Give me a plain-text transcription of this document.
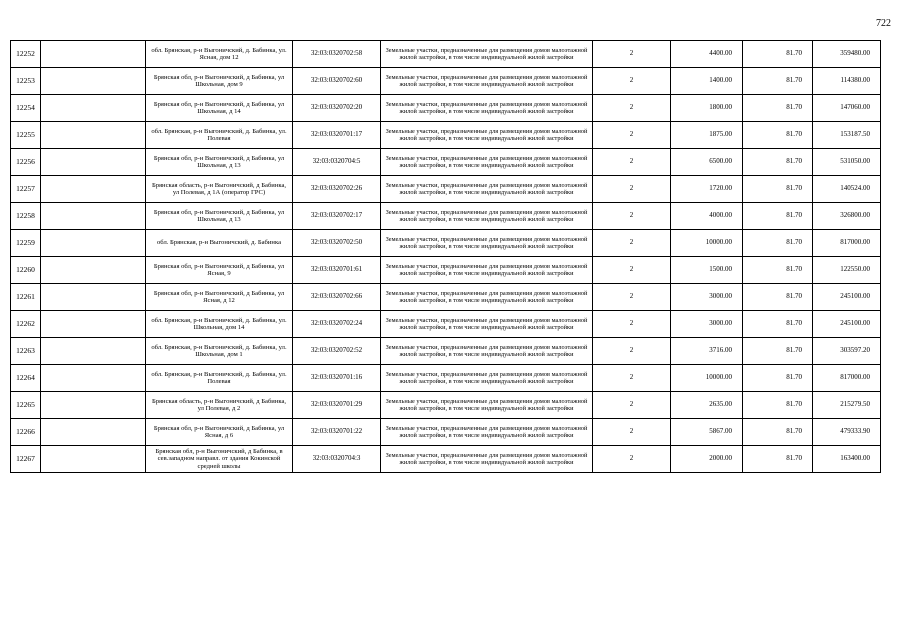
722
12252		обл. Брянская, р-н Выгоничский, д. Бабинка, ул. Ясная, дом 12	32:03:0320702:58	Земельные участки, предназначенные для размещения домов малоэтажной жилой застройки, в том числе индивидуальной жилой застройки	2	4400.00	81.70	359480.00
12253		Брянская обл, р-н Выгоничский, д Бабинка, ул Школьная, дом 9	32:03:0320702:60	Земельные участки, предназначенные для размещения домов малоэтажной жилой застройки, в том числе индивидуальной жилой застройки	2	1400.00	81.70	114380.00
12254		Брянская обл, р-н Выгоничский, д Бабинка, ул Школьная, д 14	32:03:0320702:20	Земельные участки, предназначенные для размещения домов малоэтажной жилой застройки, в том числе индивидуальной жилой застройки	2	1800.00	81.70	147060.00
12255		обл. Брянская, р-н Выгоничский, д. Бабинка, ул. Полевая	32:03:0320701:17	Земельные участки, предназначенные для размещения домов малоэтажной жилой застройки, в том числе индивидуальной жилой застройки	2	1875.00	81.70	153187.50
12256		Брянская обл, р-н Выгоничский, д Бабинка, ул Школьная, д 13	32:03:0320704:5	Земельные участки, предназначенные для размещения домов малоэтажной жилой застройки, в том числе индивидуальной жилой застройки	2	6500.00	81.70	531050.00
12257		Брянская область, р-н Выгоничский, д Бабинка, ул Полевая, д 1А (оператор ГРС)	32:03:0320702:26	Земельные участки, предназначенные для размещения домов малоэтажной жилой застройки, в том числе индивидуальной жилой застройки	2	1720.00	81.70	140524.00
12258		Брянская обл, р-н Выгоничский, д Бабинка, ул Школьная, д 13	32:03:0320702:17	Земельные участки, предназначенные для размещения домов малоэтажной жилой застройки, в том числе индивидуальной жилой застройки	2	4000.00	81.70	326800.00
12259		обл. Брянская, р-н Выгоничский, д. Бабинка	32:03:0320702:50	Земельные участки, предназначенные для размещения домов малоэтажной жилой застройки, в том числе индивидуальной жилой застройки	2	10000.00	81.70	817000.00
12260		Брянская обл, р-н Выгоничский, д Бабинка, ул Ясная, 9	32:03:0320701:61	Земельные участки, предназначенные для размещения домов малоэтажной жилой застройки, в том числе индивидуальной жилой застройки	2	1500.00	81.70	122550.00
12261		Брянская обл, р-н Выгоничский, д Бабинка, ул Ясная, д 12	32:03:0320702:66	Земельные участки, предназначенные для размещения домов малоэтажной жилой застройки, в том числе индивидуальной жилой застройки	2	3000.00	81.70	245100.00
12262		обл. Брянская, р-н Выгоничский, д. Бабинка, ул. Школьная, дом 14	32:03:0320702:24	Земельные участки, предназначенные для размещения домов малоэтажной жилой застройки, в том числе индивидуальной жилой застройки	2	3000.00	81.70	245100.00
12263		обл. Брянская, р-н Выгоничский, д. Бабинка, ул. Школьная, дом 1	32:03:0320702:52	Земельные участки, предназначенные для размещения домов малоэтажной жилой застройки, в том числе индивидуальной жилой застройки	2	3716.00	81.70	303597.20
12264		обл. Брянская, р-н Выгоничский, д. Бабинка, ул. Полевая	32:03:0320701:16	Земельные участки, предназначенные для размещения домов малоэтажной жилой застройки, в том числе индивидуальной жилой застройки	2	10000.00	81.70	817000.00
12265		Брянская область, р-н Выгоничский, д Бабинка, ул Полевая, д 2	32:03:0320701:29	Земельные участки, предназначенные для размещения домов малоэтажной жилой застройки, в том числе индивидуальной жилой застройки	2	2635.00	81.70	215279.50
12266		Брянская обл, р-н Выгоничский, д Бабинка, ул Ясная, д 6	32:03:0320701:22	Земельные участки, предназначенные для размещения домов малоэтажной жилой застройки, в том числе индивидуальной жилой застройки	2	5867.00	81.70	479333.90
12267		Брянская обл, р-н Выгоничский, д Бабинка, в сев.западном направл. от здания Кокинской средней школы	32:03:0320704:3	Земельные участки, предназначенные для размещения домов малоэтажной жилой застройки, в том числе индивидуальной жилой застройки	2	2000.00	81.70	163400.00
